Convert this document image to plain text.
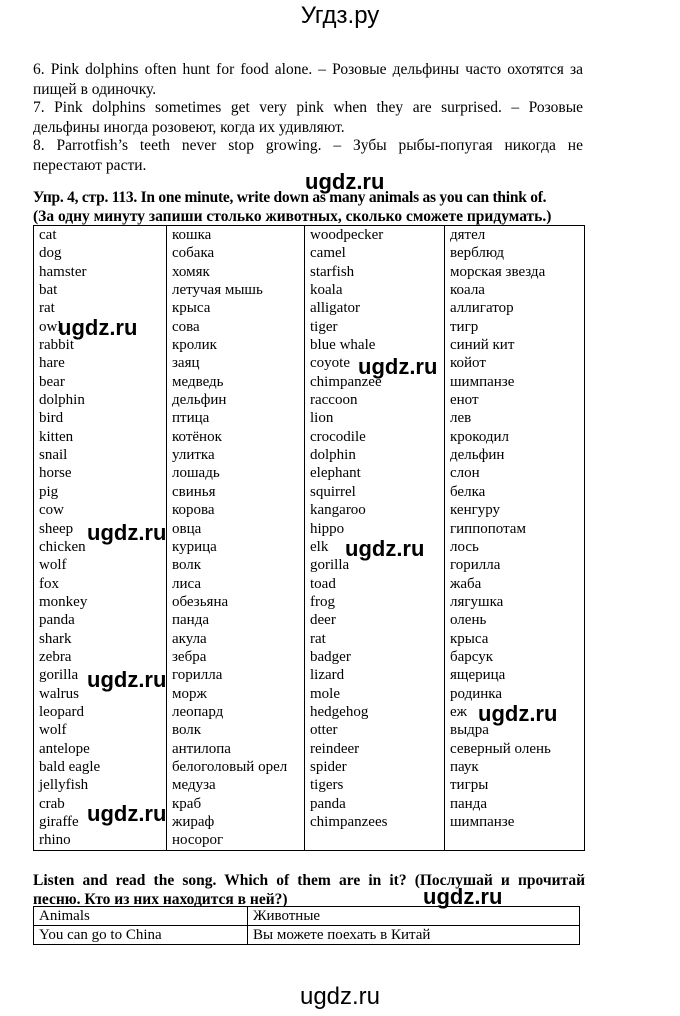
Угдз.ру
6. Pink dolphins often hunt for food alone. – Розовые дельфины часто охотятся за
пищей в одиночку.
7. Pink dolphins sometimes get very pink when they are surprised. – Розовые
дельфины иногда розовеют, когда их удивляют.
8. Parrotfish’s teeth never stop growing. – Зубы рыбы-попугая никогда не
перестают расти.
Упр. 4, стр. 113. In one minute, write down as many animals as you can think of.
(За одну минуту запиши столько животных, сколько сможете придумать.)
cat	кошка	woodpecker	дятел
dog	собака	camel	верблюд
hamster	хомяк	starfish	морская звезда
bat	летучая мышь	koala	коала
rat	крыса	alligator	аллигатор
owl	сова	tiger	тигр
rabbit	кролик	blue whale	синий кит
hare	заяц	coyote	койот
bear	медведь	chimpanzee	шимпанзе
dolphin	дельфин	raccoon	енот
bird	птица	lion	лев
kitten	котёнок	crocodile	крокодил
snail	улитка	dolphin	дельфин
horse	лошадь	elephant	слон
pig	свинья	squirrel	белка
cow	корова	kangaroo	кенгуру
sheep	овца	hippo	гиппопотам
chicken	курица	elk	лось
wolf	волк	gorilla	горилла
fox	лиса	toad	жаба
monkey	обезьяна	frog	лягушка
panda	панда	deer	олень
shark	акула	rat	крыса
zebra	зебра	badger	барсук
gorilla	горилла	lizard	ящерица
walrus	морж	mole	родинка
leopard	леопард	hedgehog	еж
wolf	волк	otter	выдра
antelope	антилопа	reindeer	северный олень
bald eagle	белоголовый орел	spider	паук
jellyfish	медуза	tigers	тигры
crab	краб	panda	панда
giraffe	жираф	chimpanzees	шимпанзе
rhino	носорог		
Listen and read the song. Which of them are in it? (Послушай и прочитай
песню. Кто из них находится в ней?)
Animals	Животные
You can go to China	Вы можете поехать в Китай
ugdz.ru
ugdz.ru
ugdz.ru
ugdz.ru
ugdz.ru
ugdz.ru
ugdz.ru
ugdz.ru
ugdz.ru
ugdz.ru
